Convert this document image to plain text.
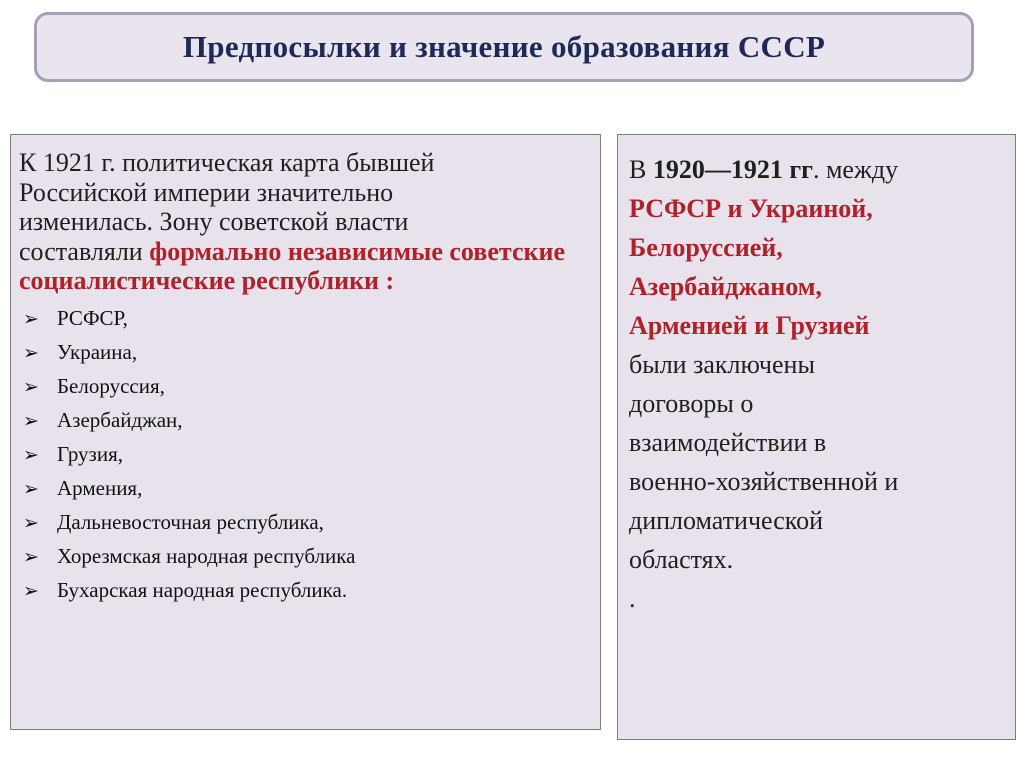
Предпосылки и значение образования СССР

К 1921 г. политическая карта бывшей
Российской империи значительно
изменилась. Зону советской власти
составляли формально независимые советские социалистические республики :

➢ РСФСР,
➢ Украина,
➢ Белоруссия,
➢ Азербайджан,
➢ Грузия,
➢ Армения,
➢ Дальневосточная республика,
➢ Хорезмская народная республика
➢ Бухарская народная республика.

В 1920—1921 гг. между
РСФСР и Украиной,
Белоруссией,
Азербайджаном,
Арменией и Грузией
были заключены
договоры о
взаимодействии в
военно-хозяйственной и
дипломатической
областях.
.
